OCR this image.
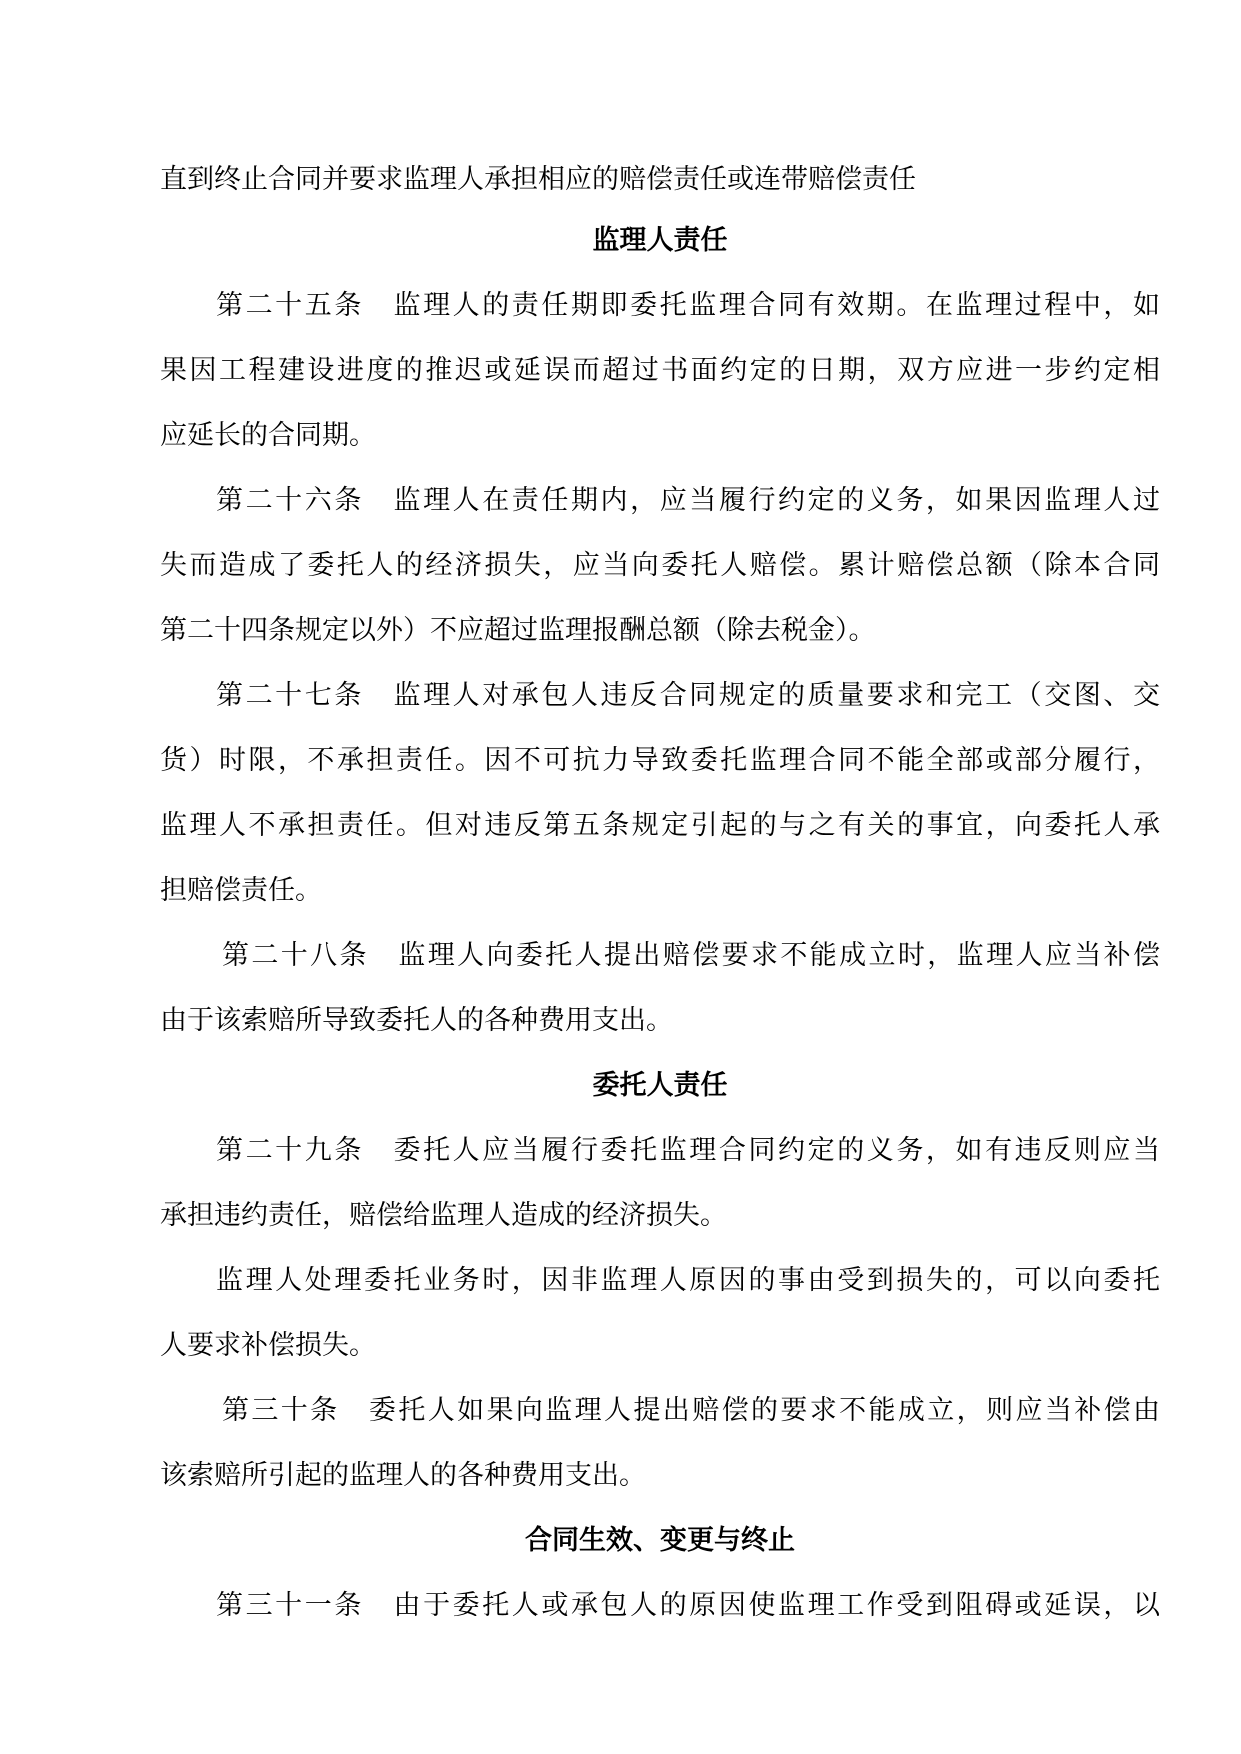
直到终止合同并要求监理人承担相应的赔偿责任或连带赔偿责任
监理人责任
第二十五条　监理人的责任期即委托监理合同有效期。在监理过程中，如
果因工程建设进度的推迟或延误而超过书面约定的日期，双方应进一步约定相
应延长的合同期。
第二十六条　监理人在责任期内，应当履行约定的义务，如果因监理人过
失而造成了委托人的经济损失，应当向委托人赔偿。累计赔偿总额（除本合同
第二十四条规定以外）不应超过监理报酬总额（除去税金）。
第二十七条　监理人对承包人违反合同规定的质量要求和完工（交图、交
货）时限，不承担责任。因不可抗力导致委托监理合同不能全部或部分履行，
监理人不承担责任。但对违反第五条规定引起的与之有关的事宜，向委托人承
担赔偿责任。
第二十八条　监理人向委托人提出赔偿要求不能成立时，监理人应当补偿
由于该索赔所导致委托人的各种费用支出。
委托人责任
第二十九条　委托人应当履行委托监理合同约定的义务，如有违反则应当
承担违约责任，赔偿给监理人造成的经济损失。
监理人处理委托业务时，因非监理人原因的事由受到损失的，可以向委托
人要求补偿损失。
第三十条　委托人如果向监理人提出赔偿的要求不能成立，则应当补偿由
该索赔所引起的监理人的各种费用支出。
合同生效、变更与终止
第三十一条　由于委托人或承包人的原因使监理工作受到阻碍或延误，以
